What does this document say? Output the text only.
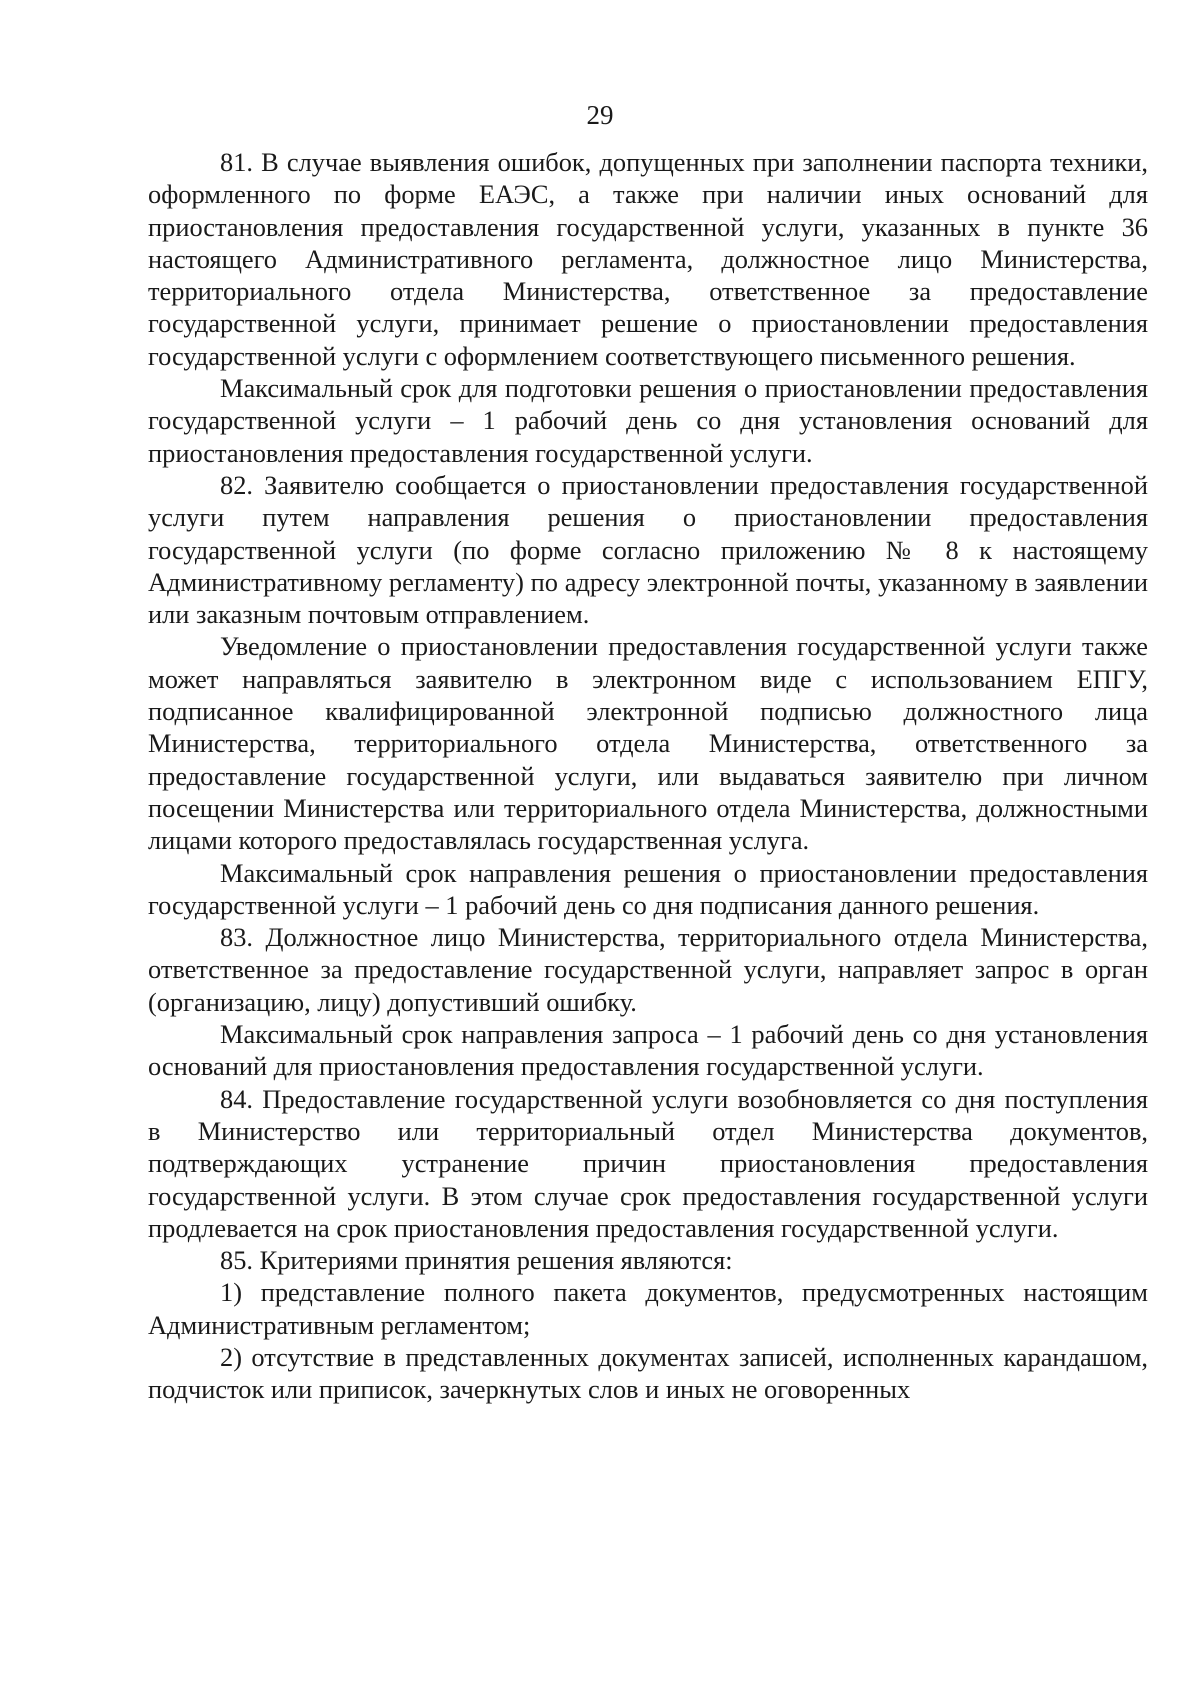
29

81. В случае выявления ошибок, допущенных при заполнении паспорта техники, оформленного по форме ЕАЭС, а также при наличии иных оснований для приостановления предоставления государственной услуги, указанных в пункте 36 настоящего Административного регламента, должностное лицо Министерства, территориального отдела Министерства, ответственное за предоставление государственной услуги, принимает решение о приостановлении предоставления государственной услуги с оформлением соответствующего письменного решения.

Максимальный срок для подготовки решения о приостановлении предоставления государственной услуги – 1 рабочий день со дня установления оснований для приостановления предоставления государственной услуги.

82. Заявителю сообщается о приостановлении предоставления государственной услуги путем направления решения о приостановлении предоставления государственной услуги (по форме согласно приложению № 8 к настоящему Административному регламенту) по адресу электронной почты, указанному в заявлении или заказным почтовым отправлением.

Уведомление о приостановлении предоставления государственной услуги также может направляться заявителю в электронном виде с использованием ЕПГУ, подписанное квалифицированной электронной подписью должностного лица Министерства, территориального отдела Министерства, ответственного за предоставление государственной услуги, или выдаваться заявителю при личном посещении Министерства или территориального отдела Министерства, должностными лицами которого предоставлялась государственная услуга.

Максимальный срок направления решения о приостановлении предоставления государственной услуги – 1 рабочий день со дня подписания данного решения.

83. Должностное лицо Министерства, территориального отдела Министерства, ответственное за предоставление государственной услуги, направляет запрос в орган (организацию, лицу) допустивший ошибку.

Максимальный срок направления запроса – 1 рабочий день со дня установления оснований для приостановления предоставления государственной услуги.

84. Предоставление государственной услуги возобновляется со дня поступления в Министерство или территориальный отдел Министерства документов, подтверждающих устранение причин приостановления предоставления государственной услуги. В этом случае срок предоставления государственной услуги продлевается на срок приостановления предоставления государственной услуги.

85. Критериями принятия решения являются:

1) представление полного пакета документов, предусмотренных настоящим Административным регламентом;

2) отсутствие в представленных документах записей, исполненных карандашом, подчисток или приписок, зачеркнутых слов и иных не оговоренных
